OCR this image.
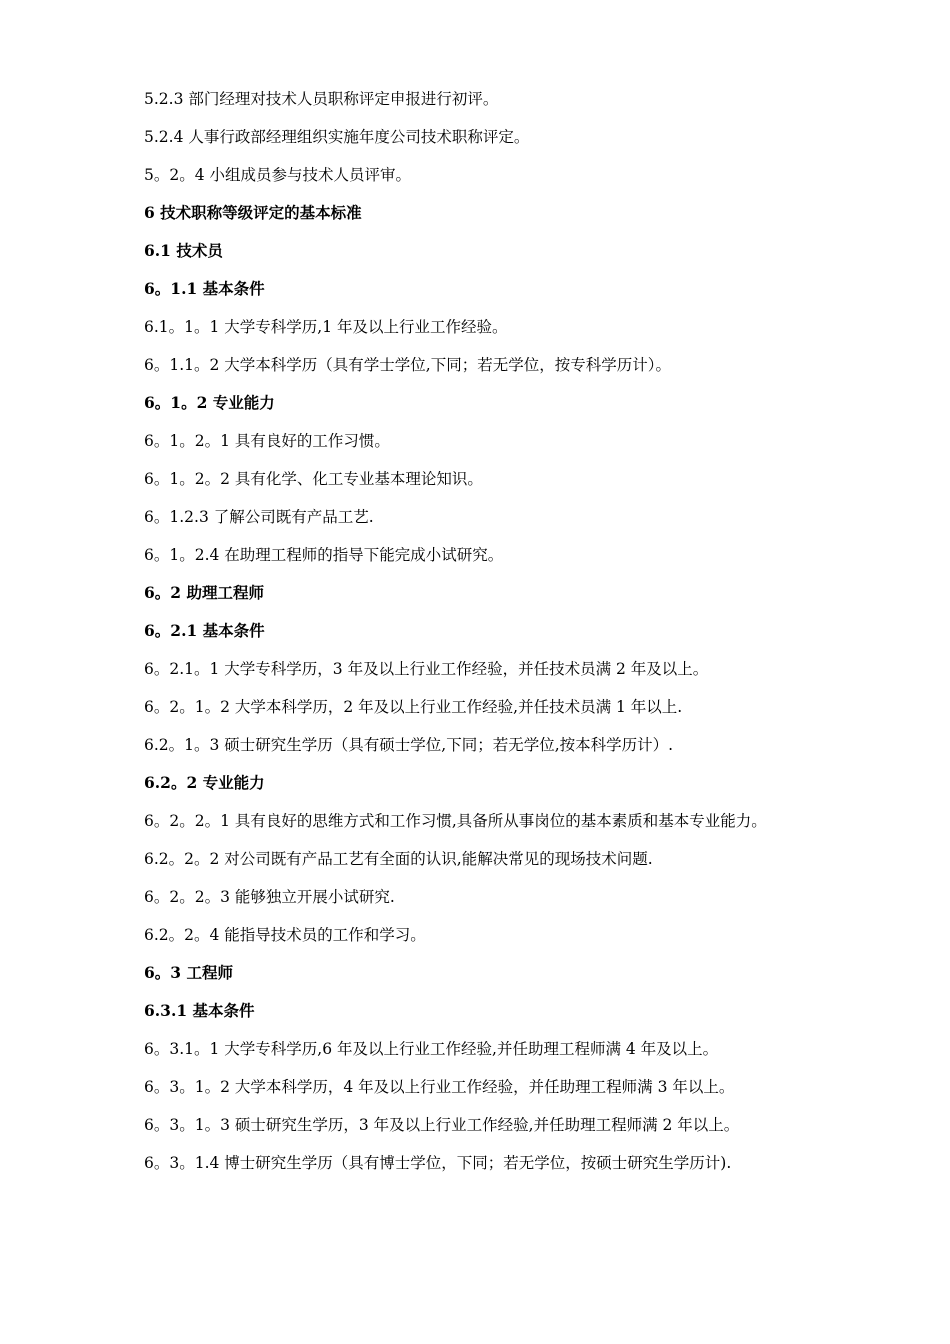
5.2.3 部门经理对技术人员职称评定申报进行初评。

5.2.4 人事行政部经理组织实施年度公司技术职称评定。

5。2。4 小组成员参与技术人员评审。

6 技术职称等级评定的基本标准

6.1 技术员

6。1.1 基本条件

6.1。1。1 大学专科学历,1 年及以上行业工作经验。

6。1.1。2 大学本科学历（具有学士学位,下同；若无学位，按专科学历计）。

6。1。2 专业能力

6。1。2。1 具有良好的工作习惯。

6。1。2。2 具有化学、化工专业基本理论知识。

6。1.2.3 了解公司既有产品工艺.

6。1。2.4 在助理工程师的指导下能完成小试研究。

6。2 助理工程师

6。2.1 基本条件

6。2.1。1 大学专科学历，3 年及以上行业工作经验，并任技术员满 2 年及以上。

6。2。1。2 大学本科学历，2 年及以上行业工作经验,并任技术员满 1 年以上.

6.2。1。3 硕士研究生学历（具有硕士学位,下同；若无学位,按本科学历计）.

6.2。2 专业能力

6。2。2。1 具有良好的思维方式和工作习惯,具备所从事岗位的基本素质和基本专业能力。

6.2。2。2 对公司既有产品工艺有全面的认识,能解决常见的现场技术问题.

6。2。2。3 能够独立开展小试研究.

6.2。2。4 能指导技术员的工作和学习。

6。3 工程师

6.3.1 基本条件

6。3.1。1 大学专科学历,6 年及以上行业工作经验,并任助理工程师满 4 年及以上。

6。3。1。2 大学本科学历，4 年及以上行业工作经验，并任助理工程师满 3 年以上。

6。3。1。3 硕士研究生学历，3 年及以上行业工作经验,并任助理工程师满 2 年以上。

6。3。1.4 博士研究生学历（具有博士学位，下同；若无学位，按硕士研究生学历计).
